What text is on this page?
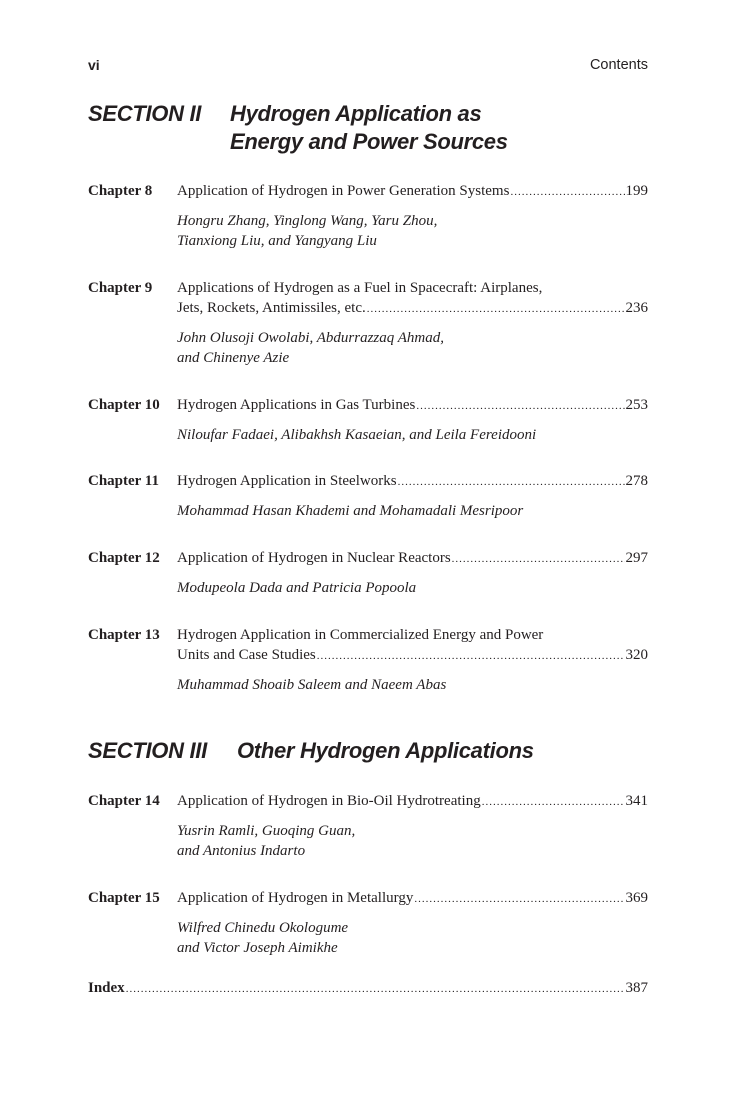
vi	Contents
SECTION II Hydrogen Application as
Energy and Power Sources
Chapter 8 Application of Hydrogen in Power Generation Systems .....	199
Hongru Zhang, Yinglong Wang, Yaru Zhou,
Tianxiong Liu, and Yangyang Liu
Chapter 9 Applications of Hydrogen as a Fuel in Spacecraft: Airplanes,
Jets, Rockets, Antimissiles, etc. .....	236
John Olusoji Owolabi, Abdurrazzaq Ahmad,
and Chinenye Azie
Chapter 10 Hydrogen Applications in Gas Turbines .....	253
Niloufar Fadaei, Alibakhsh Kasaeian, and Leila Fereidooni
Chapter 11 Hydrogen Application in Steelworks .....	278
Mohammad Hasan Khademi and Mohamadali Mesripoor
Chapter 12 Application of Hydrogen in Nuclear Reactors .....	297
Modupeola Dada and Patricia Popoola
Chapter 13 Hydrogen Application in Commercialized Energy and Power
Units and Case Studies .....	320
Muhammad Shoaib Saleem and Naeem Abas
SECTION III Other Hydrogen Applications
Chapter 14 Application of Hydrogen in Bio-Oil Hydrotreating .....	341
Yusrin Ramli, Guoqing Guan,
and Antonius Indarto
Chapter 15 Application of Hydrogen in Metallurgy .....	369
Wilfred Chinedu Okologume
and Victor Joseph Aimikhe
Index .....	387
